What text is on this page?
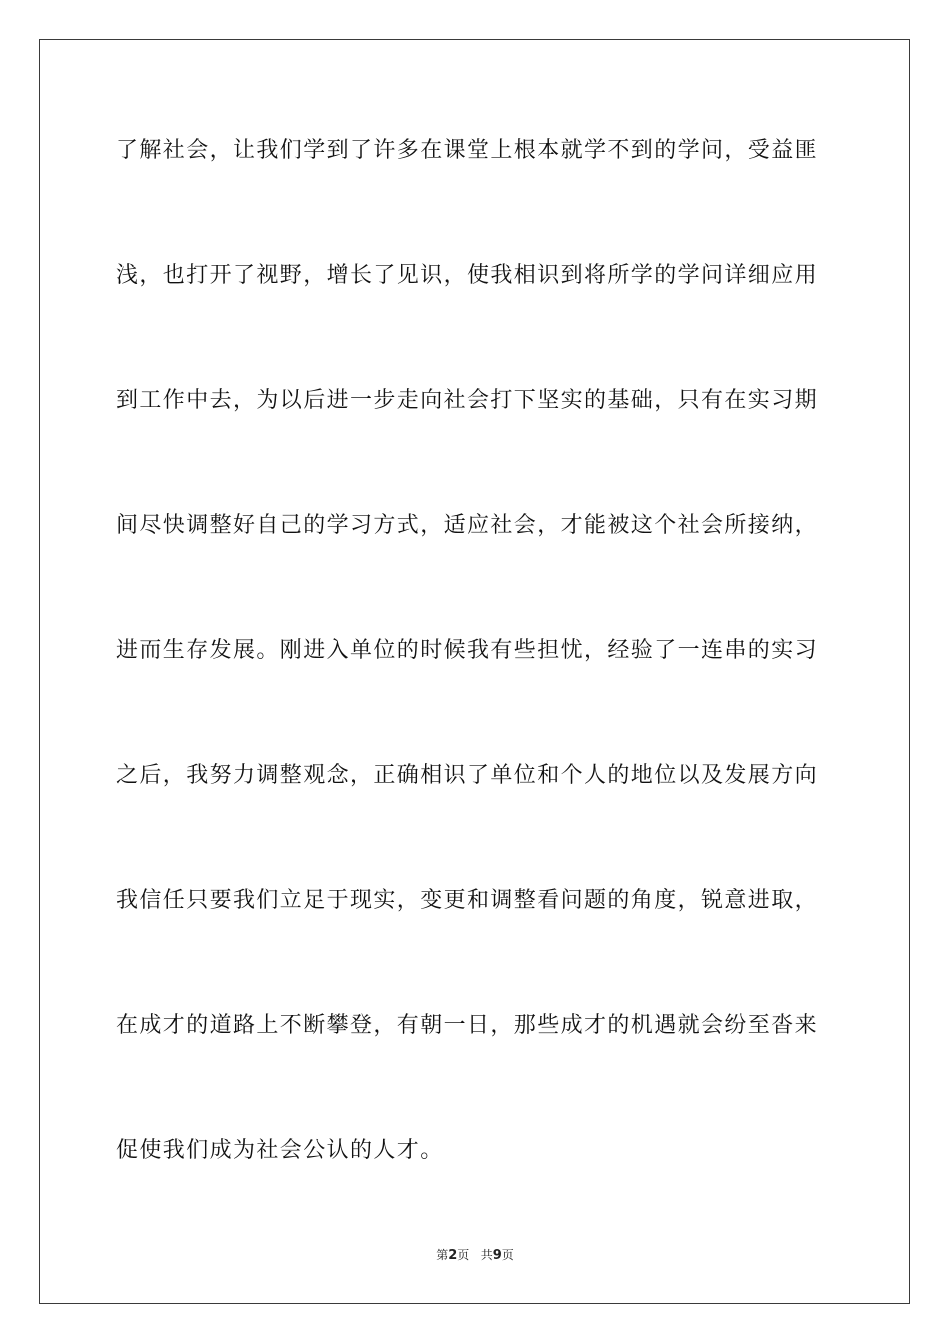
了解社会，让我们学到了许多在课堂上根本就学不到的学问，受益匪
浅，也打开了视野，增长了见识，使我相识到将所学的学问详细应用
到工作中去，为以后进一步走向社会打下坚实的基础，只有在实习期
间尽快调整好自己的学习方式，适应社会，才能被这个社会所接纳，
进而生存发展。刚进入单位的时候我有些担忧，经验了一连串的实习
之后，我努力调整观念，正确相识了单位和个人的地位以及发展方向
我信任只要我们立足于现实，变更和调整看问题的角度，锐意进取，
在成才的道路上不断攀登，有朝一日，那些成才的机遇就会纷至沓来
促使我们成为社会公认的人才。
第2页 共9页
